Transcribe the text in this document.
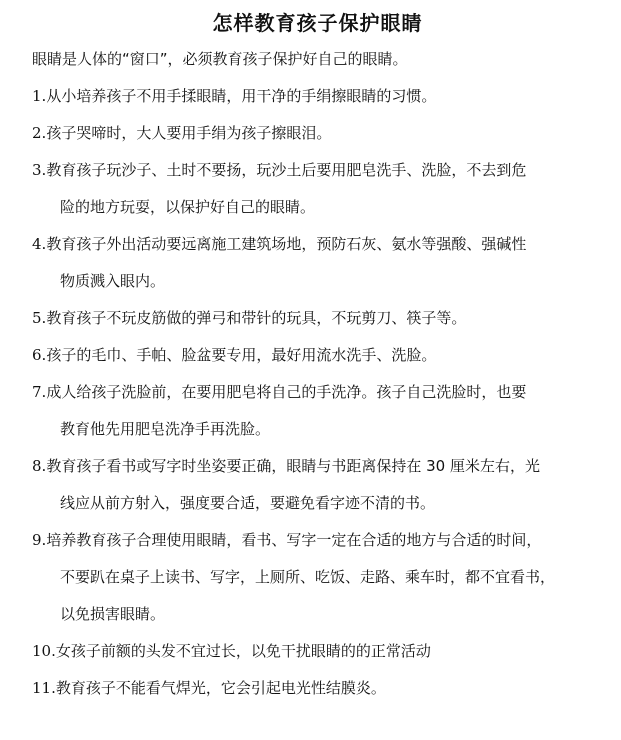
怎样教育孩子保护眼睛

眼睛是人体的“窗口”，必须教育孩子保护好自己的眼睛。

1. 从小培养孩子不用手揉眼睛，用干净的手绢擦眼睛的习惯。
2. 孩子哭啼时，大人要用手绢为孩子擦眼泪。
3. 教育孩子玩沙子、土时不要扬，玩沙土后要用肥皂洗手、洗脸，不去到危
险的地方玩耍，以保护好自己的眼睛。
4. 教育孩子外出活动要远离施工建筑场地，预防石灰、氨水等强酸、强碱性
物质溅入眼内。
5. 教育孩子不玩皮筋做的弹弓和带针的玩具，不玩剪刀、筷子等。
6. 孩子的毛巾、手帕、脸盆要专用，最好用流水洗手、洗脸。
7. 成人给孩子洗脸前，在要用肥皂将自己的手洗净。孩子自己洗脸时，也要
教育他先用肥皂洗净手再洗脸。
8. 教育孩子看书或写字时坐姿要正确，眼睛与书距离保持在 30 厘米左右，光
线应从前方射入，强度要合适，要避免看字迹不清的书。
9. 培养教育孩子合理使用眼睛，看书、写字一定在合适的地方与合适的时间，
不要趴在桌子上读书、写字，上厕所、吃饭、走路、乘车时，都不宜看书，
以免损害眼睛。
10. 女孩子前额的头发不宜过长，以免干扰眼睛的的正常活动
11. 教育孩子不能看气焊光，它会引起电光性结膜炎。
